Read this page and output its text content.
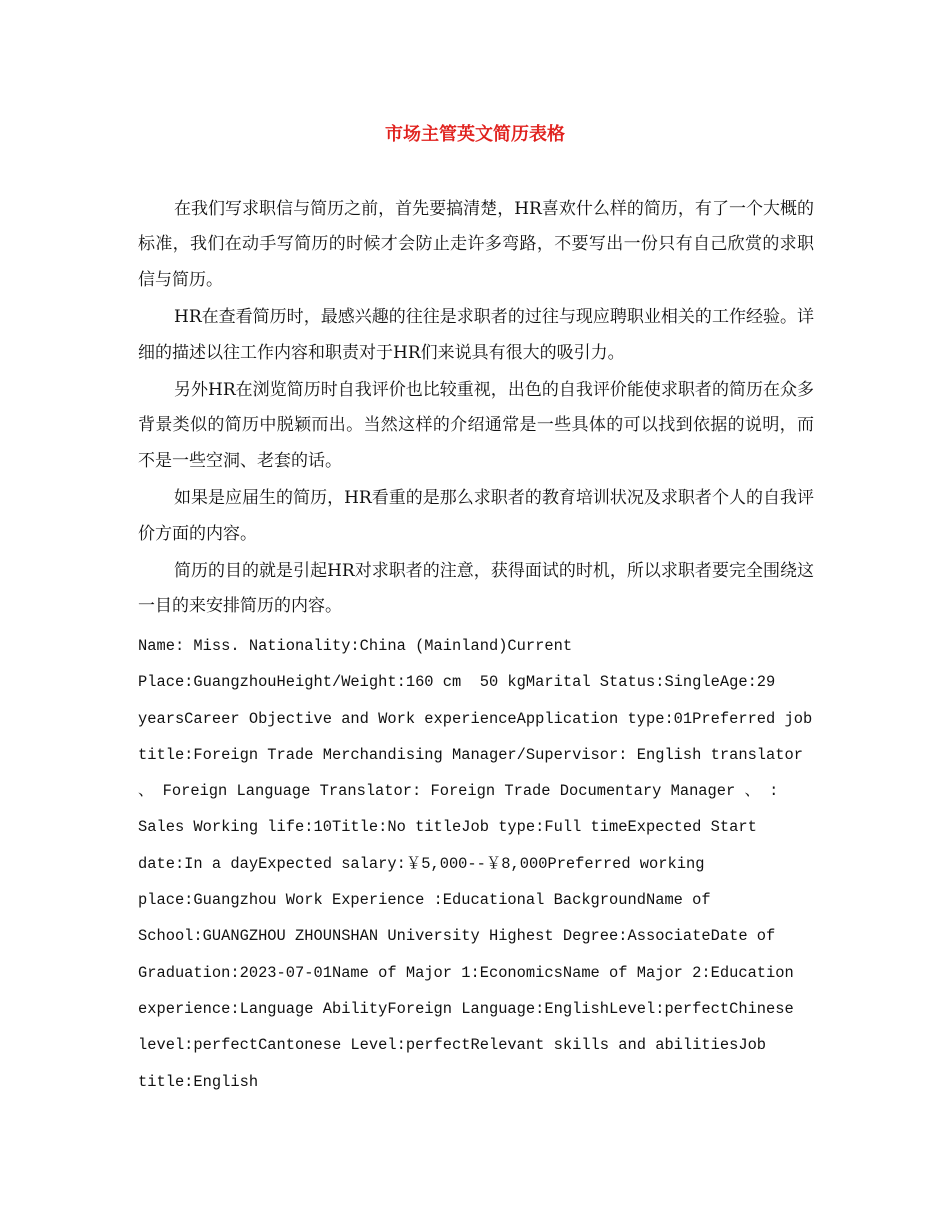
市场主管英文简历表格

在我们写求职信与简历之前，首先要搞清楚，HR喜欢什么样的简历，有了一个大概的标准，我们在动手写简历的时候才会防止走许多弯路，不要写出一份只有自己欣赏的求职信与简历。

HR在查看简历时，最感兴趣的往往是求职者的过往与现应聘职业相关的工作经验。详细的描述以往工作内容和职责对于HR们来说具有很大的吸引力。

另外HR在浏览简历时自我评价也比较重视，出色的自我评价能使求职者的简历在众多背景类似的简历中脱颖而出。当然这样的介绍通常是一些具体的可以找到依据的说明，而不是一些空洞、老套的话。

如果是应届生的简历，HR看重的是那么求职者的教育培训状况及求职者个人的自我评价方面的内容。

简历的目的就是引起HR对求职者的注意，获得面试的时机，所以求职者要完全围绕这一目的来安排简历的内容。

Name: Miss. Nationality:China (Mainland)Current Place:GuangzhouHeight/Weight:160 cm  50 kgMarital Status:SingleAge:29 yearsCareer Objective and Work experienceApplication type:01Preferred job title:Foreign Trade Merchandising Manager/Supervisor: English translator 、 Foreign Language Translator: Foreign Trade Documentary Manager 、 : Sales Working life:10Title:No titleJob type:Full timeExpected Start date:In a dayExpected salary:￥5,000--￥8,000Preferred working place:Guangzhou Work Experience :Educational BackgroundName of School:GUANGZHOU ZHOUNSHAN University Highest Degree:AssociateDate of Graduation:2023-07-01Name of Major 1:EconomicsName of Major 2:Education experience:Language AbilityForeign Language:EnglishLevel:perfectChinese level:perfectCantonese Level:perfectRelevant skills and abilitiesJob title:English
